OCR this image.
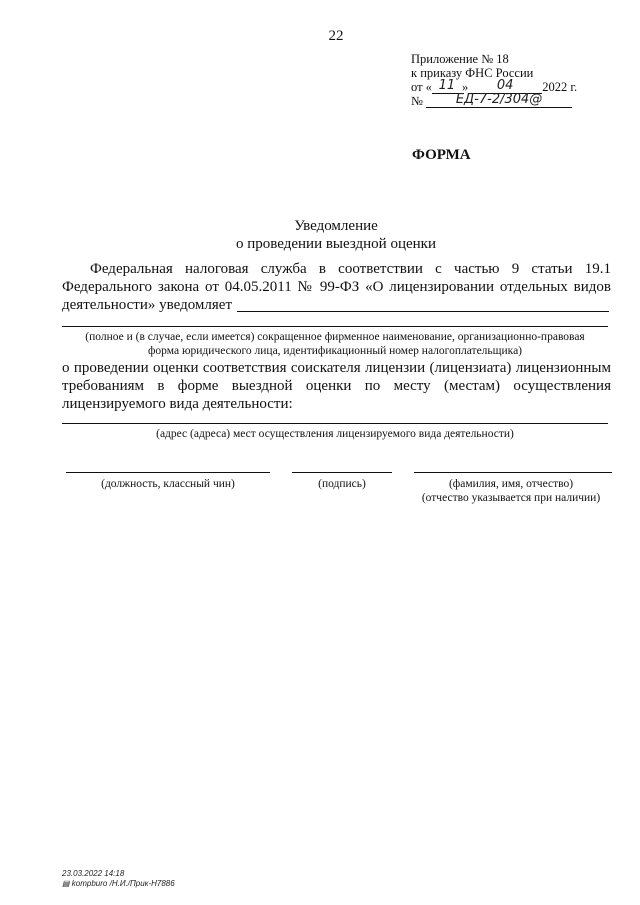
22
Приложение № 18
к приказу ФНС России
от « 11 » 04 2022 г.
№	ЕД-7-2/304@
ФОРМА
Уведомление
о проведении выездной оценки
Федеральная налоговая служба в соответствии с частью 9 статьи 19.1 Федерального закона от 04.05.2011 № 99-ФЗ «О лицензировании отдельных видов деятельности» уведомляет
(полное и (в случае, если имеется) сокращенное фирменное наименование, организационно-правовая
форма юридического лица, идентификационный номер налогоплательщика)
о проведении оценки соответствия соискателя лицензии (лицензиата) лицензионным требованиям в форме выездной оценки по месту (местам) осуществления лицензируемого вида деятельности:
(адрес (адреса) мест осуществления лицензируемого вида деятельности)
(должность, классный чин)	(подпись)	(фамилия, имя, отчество)
(отчество указывается при наличии)
23.03.2022 14:18
▤ kompburo /Н.И./Прик-Н7886
